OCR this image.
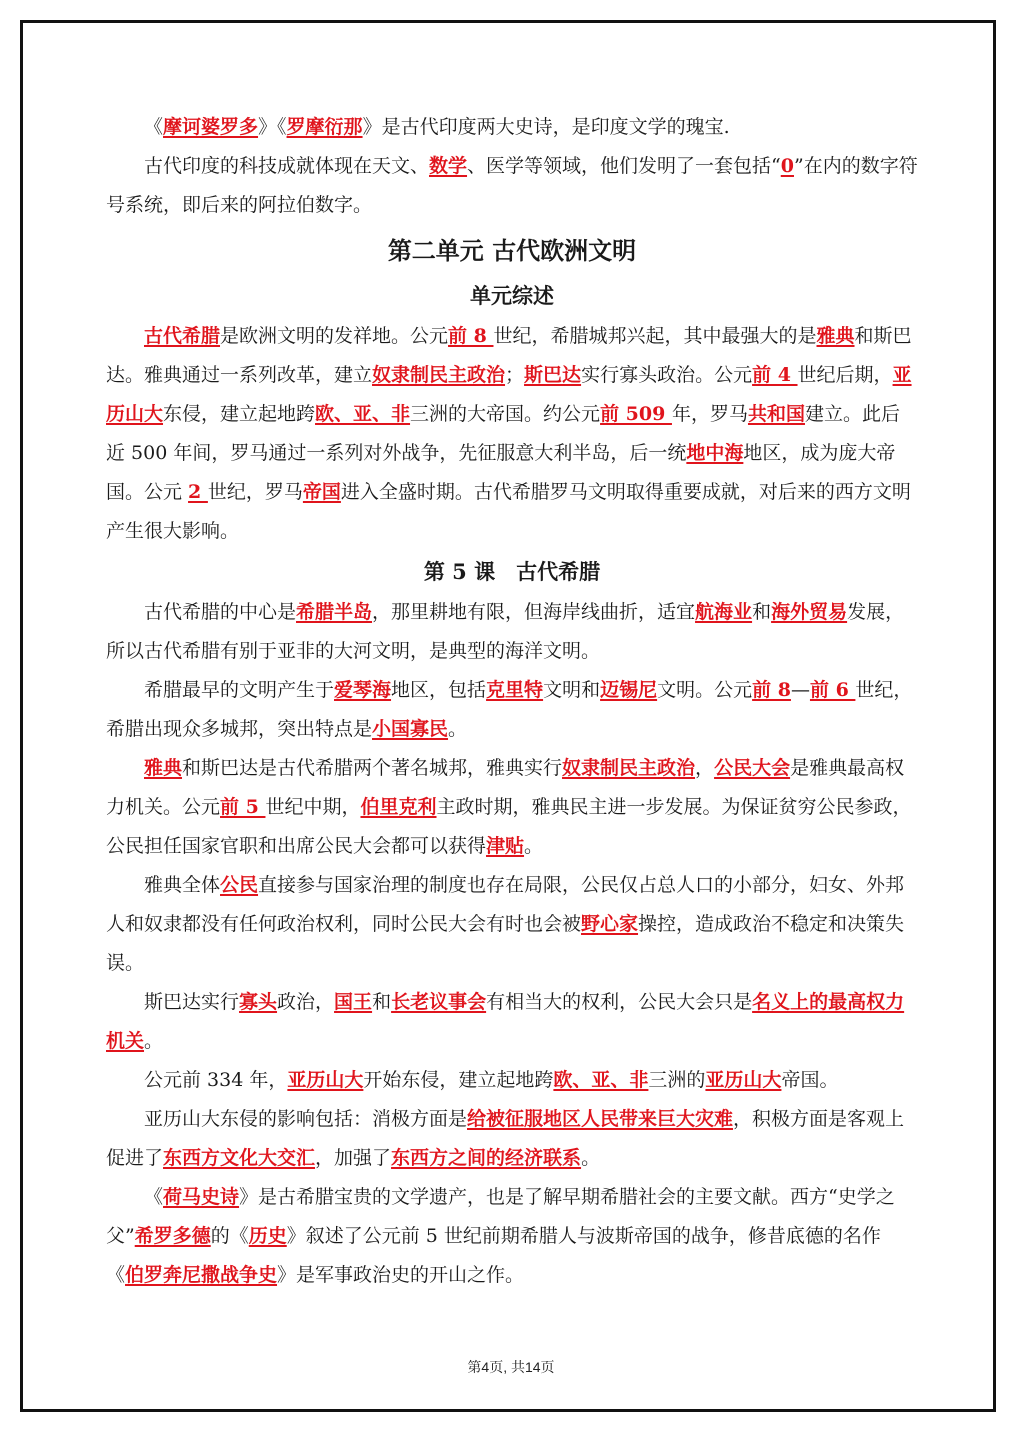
《摩诃婆罗多》《罗摩衍那》是古代印度两大史诗，是印度文学的瑰宝.

古代印度的科技成就体现在天文、数学、医学等领域，他们发明了一套包括“0”在内的数字符号系统，即后来的阿拉伯数字。

第二单元 古代欧洲文明
单元综述

古代希腊是欧洲文明的发祥地。公元前 8 世纪，希腊城邦兴起，其中最强大的是雅典和斯巴达。雅典通过一系列改革，建立奴隶制民主政治；斯巴达实行寡头政治。公元前 4 世纪后期，亚历山大东侵，建立起地跨欧、亚、非三洲的大帝国。约公元前 509 年，罗马共和国建立。此后近 500 年间，罗马通过一系列对外战争，先征服意大利半岛，后一统地中海地区，成为庞大帝国。公元 2 世纪，罗马帝国进入全盛时期。古代希腊罗马文明取得重要成就，对后来的西方文明产生很大影响。

第 5 课　古代希腊

古代希腊的中心是希腊半岛，那里耕地有限，但海岸线曲折，适宜航海业和海外贸易发展，所以古代希腊有别于亚非的大河文明，是典型的海洋文明。

希腊最早的文明产生于爱琴海地区，包括克里特文明和迈锡尼文明。公元前 8—前 6 世纪，希腊出现众多城邦，突出特点是小国寡民。

雅典和斯巴达是古代希腊两个著名城邦，雅典实行奴隶制民主政治，公民大会是雅典最高权力机关。公元前 5 世纪中期，伯里克利主政时期，雅典民主进一步发展。为保证贫穷公民参政，公民担任国家官职和出席公民大会都可以获得津贴。

雅典全体公民直接参与国家治理的制度也存在局限，公民仅占总人口的小部分，妇女、外邦人和奴隶都没有任何政治权利，同时公民大会有时也会被野心家操控，造成政治不稳定和决策失误。

斯巴达实行寡头政治，国王和长老议事会有相当大的权利，公民大会只是名义上的最高权力机关。

公元前 334 年，亚历山大开始东侵，建立起地跨欧、亚、非三洲的亚历山大帝国。

亚历山大东侵的影响包括：消极方面是给被征服地区人民带来巨大灾难，积极方面是客观上促进了东西方文化大交汇，加强了东西方之间的经济联系。

《荷马史诗》是古希腊宝贵的文学遗产，也是了解早期希腊社会的主要文献。西方“史学之父”希罗多德的《历史》叙述了公元前 5 世纪前期希腊人与波斯帝国的战争，修昔底德的名作《伯罗奔尼撒战争史》是军事政治史的开山之作。

第4页, 共14页
